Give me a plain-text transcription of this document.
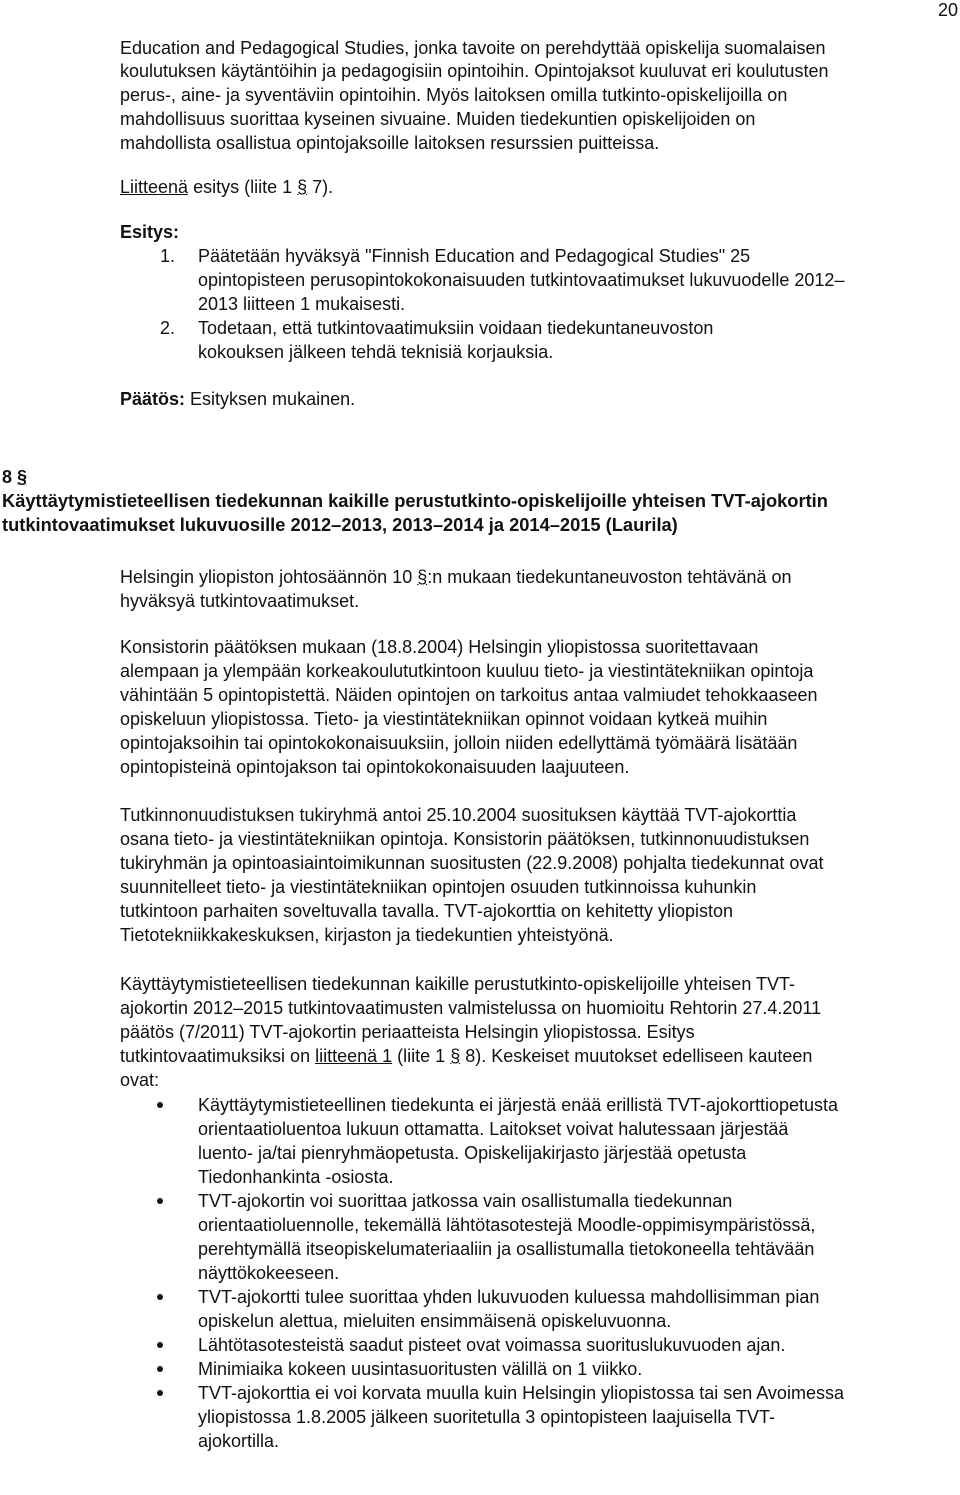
20
Education and Pedagogical Studies, jonka tavoite on perehdyttää opiskelija suomalaisen
koulutuksen käytäntöihin ja pedagogisiin opintoihin. Opintojaksot kuuluvat eri koulutusten
perus-, aine- ja syventäviin opintoihin. Myös laitoksen omilla tutkinto-opiskelijoilla on
mahdollisuus suorittaa kyseinen sivuaine. Muiden tiedekuntien opiskelijoiden on
mahdollista osallistua opintojaksoille laitoksen resurssien puitteissa.
Liitteenä esitys (liite 1 § 7).
Esitys:
1. Päätetään hyväksyä "Finnish Education and Pedagogical Studies" 25
opintopisteen perusopintokokonaisuuden tutkintovaatimukset lukuvuodelle 2012–
2013 liitteen 1 mukaisesti.
2. Todetaan, että tutkintovaatimuksiin voidaan tiedekuntaneuvoston
kokouksen jälkeen tehdä teknisiä korjauksia.
Päätös: Esityksen mukainen.
8 §
Käyttäytymistieteellisen tiedekunnan kaikille perustutkinto-opiskelijoille yhteisen TVT-ajokortin
tutkintovaatimukset lukuvuosille 2012–2013, 2013–2014 ja 2014–2015 (Laurila)
Helsingin yliopiston johtosäännön 10 §:n mukaan tiedekuntaneuvoston tehtävänä on
hyväksyä tutkintovaatimukset.
Konsistorin päätöksen mukaan (18.8.2004) Helsingin yliopistossa suoritettavaan
alempaan ja ylempään korkeakoulututkintoon kuuluu tieto- ja viestintätekniikan opintoja
vähintään 5 opintopistettä. Näiden opintojen on tarkoitus antaa valmiudet tehokkaaseen
opiskeluun yliopistossa. Tieto- ja viestintätekniikan opinnot voidaan kytkeä muihin
opintojaksoihin tai opintokokonaisuuksiin, jolloin niiden edellyttämä työmäärä lisätään
opintopisteinä opintojakson tai opintokokonaisuuden laajuuteen.
Tutkinnonuudistuksen tukiryhmä antoi 25.10.2004 suosituksen käyttää TVT-ajokorttia
osana tieto- ja viestintätekniikan opintoja. Konsistorin päätöksen, tutkinnonuudistuksen
tukiryhmän ja opintoasiaintoimikunnan suositusten (22.9.2008) pohjalta tiedekunnat ovat
suunnitelleet tieto- ja viestintätekniikan opintojen osuuden tutkinnoissa kuhunkin
tutkintoon parhaiten soveltuvalla tavalla. TVT-ajokorttia on kehitetty yliopiston
Tietotekniikkakeskuksen, kirjaston ja tiedekuntien yhteistyönä.
Käyttäytymistieteellisen tiedekunnan kaikille perustutkinto-opiskelijoille yhteisen TVT-
ajokortin 2012–2015 tutkintovaatimusten valmistelussa on huomioitu Rehtorin 27.4.2011
päätös (7/2011) TVT-ajokortin periaatteista Helsingin yliopistossa. Esitys
tutkintovaatimuksiksi on liitteenä 1 (liite 1 § 8). Keskeiset muutokset edelliseen kauteen
ovat:
Käyttäytymistieteellinen tiedekunta ei järjestä enää erillistä TVT-ajokorttiopetusta
orientaatioluentoa lukuun ottamatta. Laitokset voivat halutessaan järjestää
luento- ja/tai pienryhmäopetusta. Opiskelijakirjasto järjestää opetusta
Tiedonhankinta -osiosta.
TVT-ajokortin voi suorittaa jatkossa vain osallistumalla tiedekunnan
orientaatioluennolle, tekemällä lähtötasotestejä Moodle-oppimisympäristössä,
perehtymällä itseopiskelumateriaaliin ja osallistumalla tietokoneella tehtävään
näyttökokeeseen.
TVT-ajokortti tulee suorittaa yhden lukuvuoden kuluessa mahdollisimman pian
opiskelun alettua, mieluiten ensimmäisenä opiskeluvuonna.
Lähtötasotesteistä saadut pisteet ovat voimassa suorituslukuvuoden ajan.
Minimiaika kokeen uusintasuoritusten välillä on 1 viikko.
TVT-ajokorttia ei voi korvata muulla kuin Helsingin yliopistossa tai sen Avoimessa
yliopistossa 1.8.2005 jälkeen suoritetulla 3 opintopisteen laajuisella TVT-
ajokortilla.
